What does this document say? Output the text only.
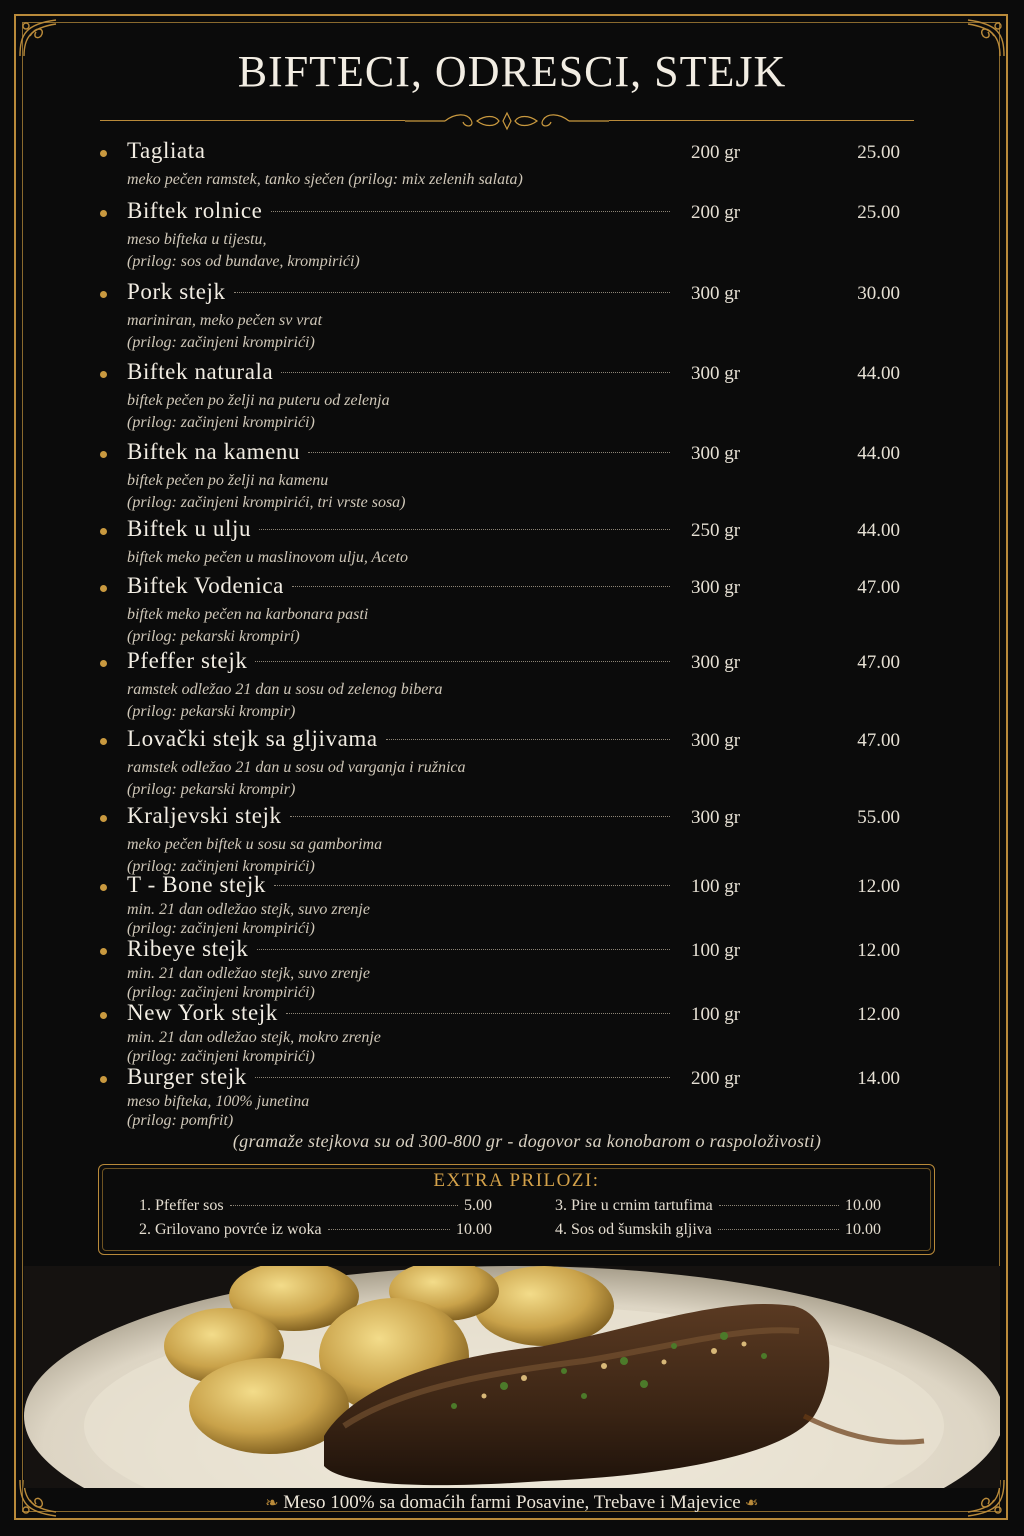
BIFTECI, ODRESCI, STEJK
Tagliata	200 gr	25.00
meko pečen ramstek, tanko sječen (prilog: mix zelenih salata)
Biftek rolnice	200 gr	25.00
meso bifteka u tijestu,
(prilog: sos od bundave, krompirići)
Pork stejk	300 gr	30.00
mariniran, meko pečen sv vrat
(prilog: začinjeni krompirići)
Biftek naturala	300 gr	44.00
biftek pečen po želji na puteru od zelenja
(prilog: začinjeni krompirići)
Biftek na kamenu	300 gr	44.00
biftek pečen po želji na kamenu
(prilog: začinjeni krompirići, tri vrste sosa)
Biftek u ulju	250 gr	44.00
biftek meko pečen u maslinovom ulju, Aceto
Biftek Vodenica	300 gr	47.00
biftek meko pečen na karbonara pasti
(prilog: pekarski krompirí)
Pfeffer stejk	300 gr	47.00
ramstek odležao 21 dan u sosu od zelenog bibera
(prilog: pekarski krompir)
Lovački stejk sa gljivama	300 gr	47.00
ramstek odležao 21 dan u sosu od varganja i ružnica
(prilog: pekarski krompir)
Kraljevski stejk	300 gr	55.00
meko pečen biftek u sosu sa gamborima
(prilog: začinjeni krompirići)
T - Bone stejk	100 gr	12.00
min. 21 dan odležao stejk, suvo zrenje
(prilog: začinjeni krompirići)
Ribeye stejk	100 gr	12.00
min. 21 dan odležao stejk, suvo zrenje
(prilog: začinjeni krompirići)
New York stejk	100 gr	12.00
min. 21 dan odležao stejk, mokro zrenje
(prilog: začinjeni krompirići)
Burger stejk	200 gr	14.00
meso bifteka, 100% junetina
(prilog: pomfrit)
(gramaže stejkova su od 300-800 gr - dogovor sa konobarom o raspoloživosti)
EXTRA PRILOZI:
1. Pfeffer sos	5.00
2. Grilovano povrće iz woka	10.00
3. Pire u crnim tartufima	10.00
4. Sos od šumskih gljiva	10.00
❧ Meso 100% sa domaćih farmi Posavine, Trebave i Majevice ❧
